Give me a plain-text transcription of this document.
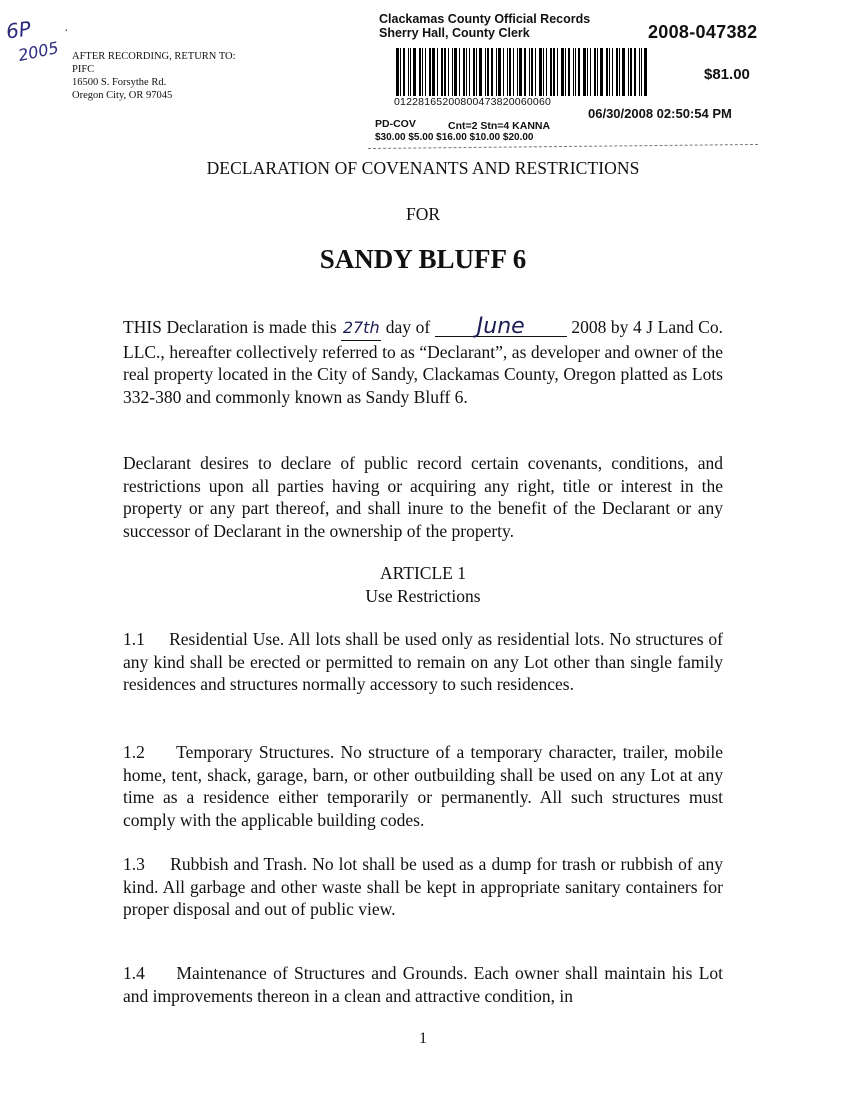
6P
2005
·
AFTER RECORDING, RETURN TO:
PIFC
16500 S. Forsythe Rd.
Oregon City, OR 97045
Clackamas County Official Records
Sherry Hall, County Clerk	2008-047382
01228165200800473820060060
$81.00
06/30/2008 02:50:54 PM
PD-COV	Cnt=2 Stn=4 KANNA
$30.00 $5.00 $16.00 $10.00 $20.00
DECLARATION OF COVENANTS AND RESTRICTIONS
FOR
SANDY BLUFF 6
THIS Declaration is made this 27th day of June 2008 by 4 J Land Co. LLC., hereafter collectively referred to as “Declarant”, as developer and owner of the real property located in the City of Sandy, Clackamas County, Oregon platted as Lots 332-380 and commonly known as Sandy Bluff 6.
Declarant desires to declare of public record certain covenants, conditions, and restrictions upon all parties having or acquiring any right, title or interest in the property or any part thereof, and shall inure to the benefit of the Declarant or any successor of Declarant in the ownership of the property.
ARTICLE 1
Use Restrictions
1.1 Residential Use. All lots shall be used only as residential lots. No structures of any kind shall be erected or permitted to remain on any Lot other than single family residences and structures normally accessory to such residences.
1.2 Temporary Structures. No structure of a temporary character, trailer, mobile home, tent, shack, garage, barn, or other outbuilding shall be used on any Lot at any time as a residence either temporarily or permanently. All such structures must comply with the applicable building codes.
1.3 Rubbish and Trash. No lot shall be used as a dump for trash or rubbish of any kind. All garbage and other waste shall be kept in appropriate sanitary containers for proper disposal and out of public view.
1.4 Maintenance of Structures and Grounds. Each owner shall maintain his Lot and improvements thereon in a clean and attractive condition, in
1
